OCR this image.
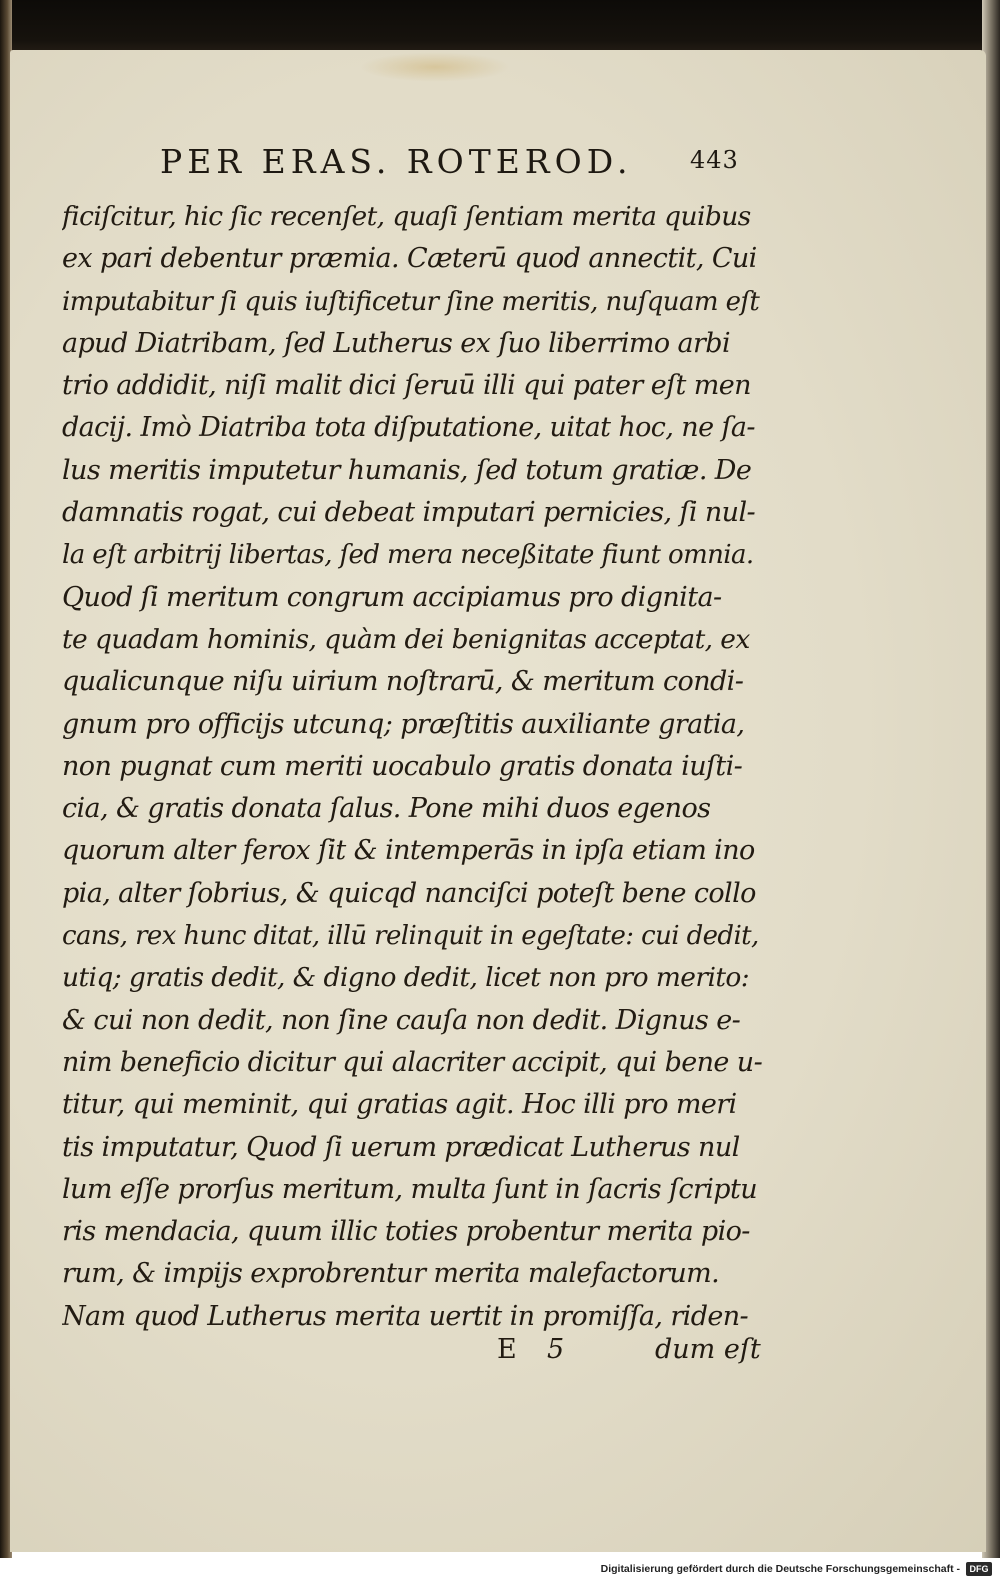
PER ERAS. ROTEROD. 443
ficiſcitur, hic ſic recenſet, quaſi ſentiam merita quibus
ex pari debentur præmia. Cæterū quod annectit, Cui
imputabitur ſi quis iuſtificetur ſine meritis, nuſquam eſt
apud Diatribam, ſed Lutherus ex ſuo liberrimo arbi
trio addidit, niſi malit dici ſeruū illi qui pater eſt men
dacij. Imò Diatriba tota diſputatione, uitat hoc, ne ſa-
lus meritis imputetur humanis, ſed totum gratiæ. De
damnatis rogat, cui debeat imputari pernicies, ſi nul-
la eſt arbitrij libertas, ſed mera neceßitate fiunt omnia.
Quod ſi meritum congrum accipiamus pro dignita-
te quadam hominis, quàm dei benignitas acceptat, ex
qualicunque niſu uirium noſtrarū, & meritum condi-
gnum pro officijs utcunq; præſtitis auxiliante gratia,
non pugnat cum meriti uocabulo gratis donata iuſti-
cia, & gratis donata ſalus. Pone mihi duos egenos
quorum alter ferox ſit & intemperās in ipſa etiam ino
pia, alter ſobrius, & quicqd nanciſci poteſt bene collo
cans, rex hunc ditat, illū relinquit in egeſtate: cui dedit,
utiq; gratis dedit, & digno dedit, licet non pro merito:
& cui non dedit, non ſine cauſa non dedit. Dignus e-
nim beneficio dicitur qui alacriter accipit, qui bene u-
titur, qui meminit, qui gratias agit. Hoc illi pro meri
tis imputatur, Quod ſi uerum prædicat Lutherus nul
lum eſſe prorſus meritum, multa ſunt in ſacris ſcriptu
ris mendacia, quum illic toties probentur merita pio-
rum, & impijs exprobrentur merita malefactorum.
Nam quod Lutherus merita uertit in promiſſa, riden-
E 5	dum eſt
Digitalisierung gefördert durch die Deutsche Forschungsgemeinschaft -	DFG
